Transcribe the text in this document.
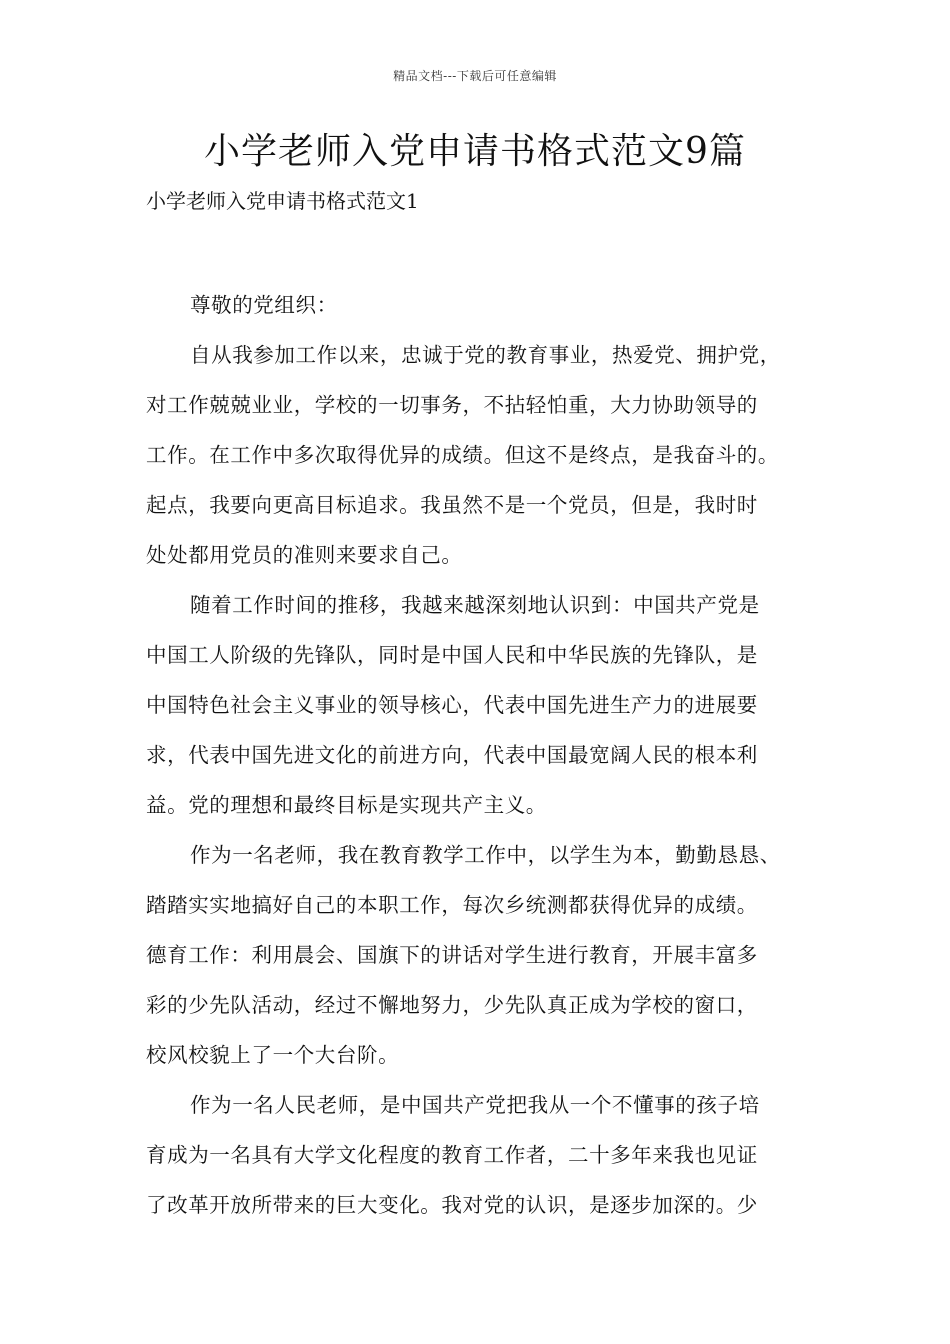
精品文档---下载后可任意编辑
小学老师入党申请书格式范文9篇
小学老师入党申请书格式范文1
尊敬的党组织：
自从我参加工作以来，忠诚于党的教育事业，热爱党、拥护党，
对工作兢兢业业，学校的一切事务，不拈轻怕重，大力协助领导的
工作。在工作中多次取得优异的成绩。但这不是终点，是我奋斗的。
起点，我要向更高目标追求。我虽然不是一个党员，但是，我时时
处处都用党员的准则来要求自己。
随着工作时间的推移，我越来越深刻地认识到：中国共产党是
中国工人阶级的先锋队，同时是中国人民和中华民族的先锋队，是
中国特色社会主义事业的领导核心，代表中国先进生产力的进展要
求，代表中国先进文化的前进方向，代表中国最宽阔人民的根本利
益。党的理想和最终目标是实现共产主义。
作为一名老师，我在教育教学工作中，以学生为本，勤勤恳恳、
踏踏实实地搞好自己的本职工作，每次乡统测都获得优异的成绩。
德育工作：利用晨会、国旗下的讲话对学生进行教育，开展丰富多
彩的少先队活动，经过不懈地努力，少先队真正成为学校的窗口，
校风校貌上了一个大台阶。
作为一名人民老师，是中国共产党把我从一个不懂事的孩子培
育成为一名具有大学文化程度的教育工作者，二十多年来我也见证
了改革开放所带来的巨大变化。我对党的认识，是逐步加深的。少
